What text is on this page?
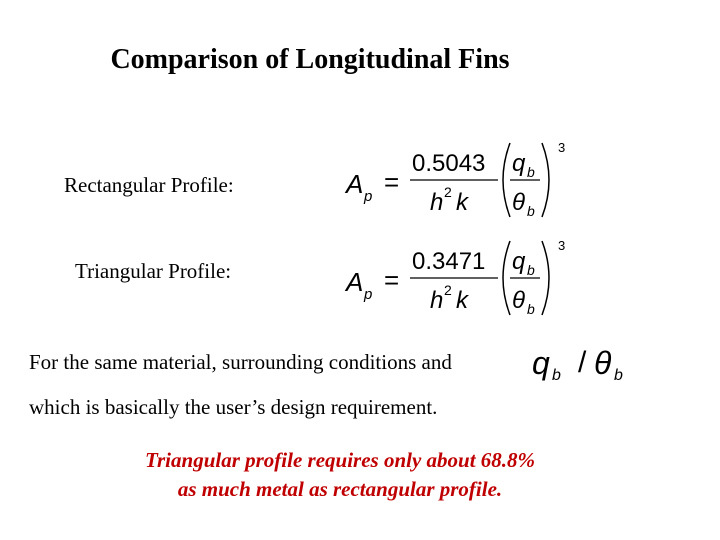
Comparison of Longitudinal Fins
Rectangular Profile:	A p =
0.5043
h 2 k
q b
θ b
3
Triangular Profile:	A p =
0.3471
h 2 k
q b
θ b
3
For the same material, surrounding conditions and	q b / θ b
which is basically the user’s design requirement.
Triangular profile requires only about 68.8%
as much metal as rectangular profile.
